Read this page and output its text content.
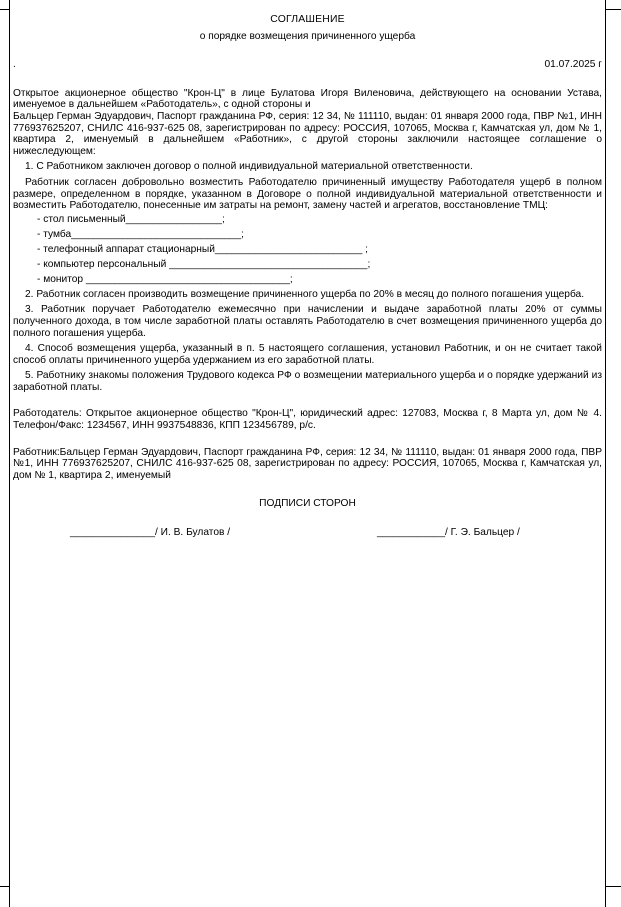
СОГЛАШЕНИЕ
о порядке возмещения причиненного ущерба
.	01.07.2025 г

Открытое акционерное общество "Крон-Ц" в лице Булатова Игоря Виленовича, действующего на основании Устава, именуемое в дальнейшем «Работодатель», с одной стороны и

Бальцер Герман Эдуардович, Паспорт гражданина РФ, серия: 12 34, № 111110, выдан: 01 января 2000 года, ПВР №1, ИНН 776937625207, СНИЛС 416-937-625 08, зарегистрирован по адресу: РОССИЯ, 107065, Москва г, Камчатская ул, дом № 1, квартира 2, именуемый в дальнейшем «Работник», с другой стороны заключили настоящее соглашение о нижеследующем:

1. С Работником заключен договор о полной индивидуальной материальной ответственности.

Работник согласен добровольно возместить Работодателю причиненный имуществу Работодателя ущерб в полном размере, определенном в порядке, указанном в Договоре о полной индивидуальной материальной ответственности и возместить Работодателю, понесенные им затраты на ремонт, замену частей и агрегатов, восстановление ТМЦ:

- стол письменный_________________;
- тумба______________________________;
- телефонный аппарат стационарный__________________________ ;
- компьютер персональный ___________________________________;
- монитор ____________________________________;

2. Работник согласен производить возмещение причиненного ущерба по 20% в месяц до полного погашения ущерба.

3. Работник поручает Работодателю ежемесячно при начислении и выдаче заработной платы 20% от суммы полученного дохода, в том числе заработной платы оставлять Работодателю в счет возмещения причиненного ущерба до полного погашения ущерба.

4. Способ возмещения ущерба, указанный в п. 5 настоящего соглашения, установил Работник, и он не считает такой способ оплаты причиненного ущерба удержанием из его заработной платы.

5. Работнику знакомы положения Трудового кодекса РФ о возмещении материального ущерба и о порядке удержаний из заработной платы.

Работодатель: Открытое акционерное общество "Крон-Ц", юридический адрес: 127083, Москва г, 8 Марта ул, дом № 4. Телефон/Факс: 1234567, ИНН 9937548836, КПП 123456789, р/с.

Работник:Бальцер Герман Эдуардович, Паспорт гражданина РФ, серия: 12 34, № 111110, выдан: 01 января 2000 года, ПВР №1, ИНН 776937625207, СНИЛС 416-937-625 08, зарегистрирован по адресу: РОССИЯ, 107065, Москва г, Камчатская ул, дом № 1, квартира 2, именуемый

ПОДПИСИ СТОРОН
_______________/ И. В. Булатов /	____________/ Г. Э. Бальцер /
